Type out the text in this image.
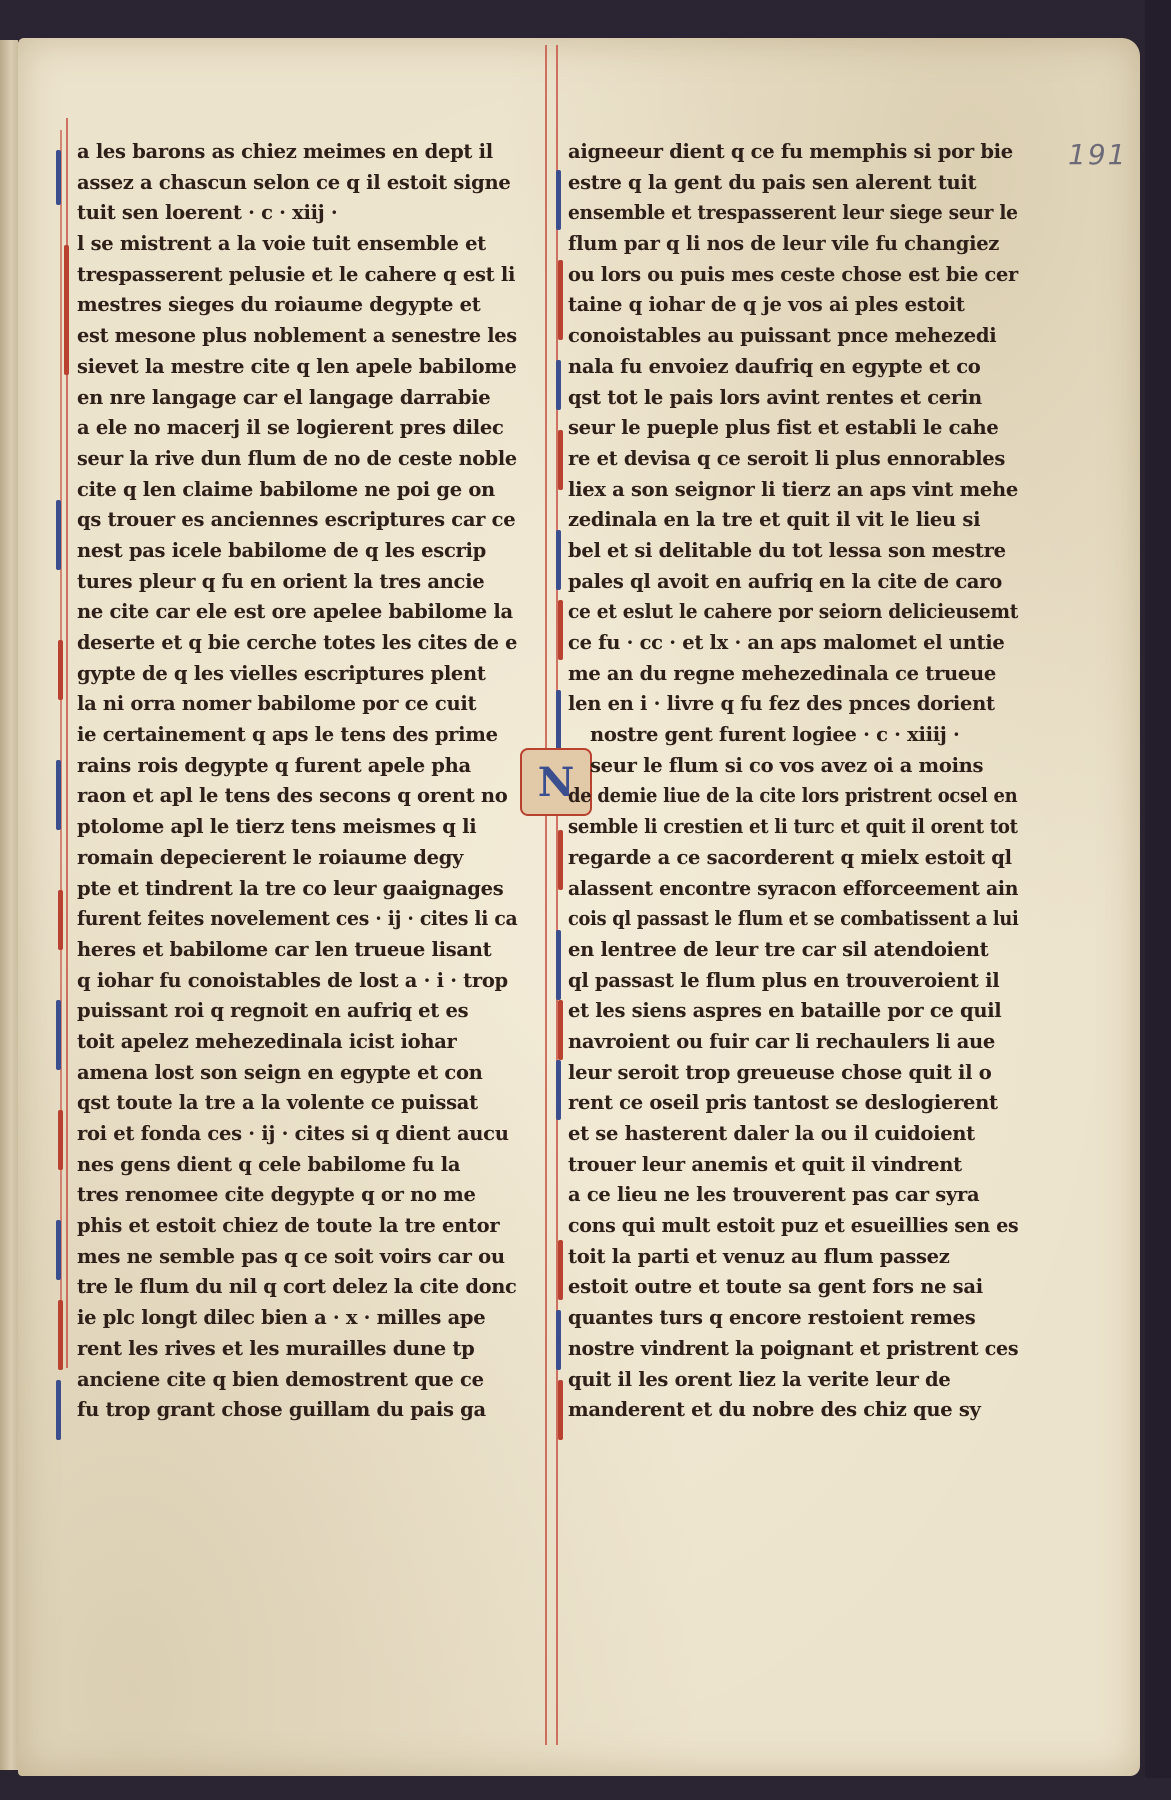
191
N
a les barons as chiez meimes en dept il
assez a chascun selon ce q il estoit signe
tuit sen loerent · c · xiij ·
l se mistrent a la voie tuit ensemble et
trespasserent pelusie et le cahere q est li
mestres sieges du roiaume degypte et
est mesone plus noblement a senestre les
sievet la mestre cite q len apele babilome
en nre langage car el langage darrabie
a ele no macerj il se logierent pres dilec
seur la rive dun flum de no de ceste noble
cite q len claime babilome ne poi ge on
qs trouer es anciennes escriptures car ce
nest pas icele babilome de q les escrip
tures pleur q fu en orient la tres ancie
ne cite car ele est ore apelee babilome la
deserte et q bie cerche totes les cites de e
gypte de q les vielles escriptures plent
la ni orra nomer babilome por ce cuit
ie certainement q aps le tens des prime
rains rois degypte q furent apele pha
raon et apl le tens des secons q orent no
ptolome apl le tierz tens meismes q li
romain depecierent le roiaume degy
pte et tindrent la tre co leur gaaignages
furent feites novelement ces · ij · cites li ca
heres et babilome car len trueue lisant
q iohar fu conoistables de lost a · i · trop
puissant roi q regnoit en aufriq et es
toit apelez mehezedinala icist iohar
amena lost son seign en egypte et con
qst toute la tre a la volente ce puissat
roi et fonda ces · ij · cites si q dient aucu
nes gens dient q cele babilome fu la
tres renomee cite degypte q or no me
phis et estoit chiez de toute la tre entor
mes ne semble pas q ce soit voirs car ou
tre le flum du nil q cort delez la cite donc
ie plc longt dilec bien a · x · milles ape
rent les rives et les murailles dune tp
anciene cite q bien demostrent que ce
fu trop grant chose guillam du pais ga
aigneeur dient q ce fu memphis si por bie
estre q la gent du pais sen alerent tuit
ensemble et trespasserent leur siege seur le
flum par q li nos de leur vile fu changiez
ou lors ou puis mes ceste chose est bie cer
taine q iohar de q je vos ai ples estoit
conoistables au puissant pnce mehezedi
nala fu envoiez daufriq en egypte et co
qst tot le pais lors avint rentes et cerin
seur le pueple plus fist et establi le cahe
re et devisa q ce seroit li plus ennorables
liex a son seignor li tierz an aps vint mehe
zedinala en la tre et quit il vit le lieu si
bel et si delitable du tot lessa son mestre
pales ql avoit en aufriq en la cite de caro
ce et eslut le cahere por seiorn delicieusemt
ce fu · cc · et lx · an aps malomet el untie
me an du regne mehezedinala ce trueue
len en i · livre q fu fez des pnces dorient
nostre gent furent logiee · c · xiiij ·
seur le flum si co vos avez oi a moins
de demie liue de la cite lors pristrent ocsel en
semble li crestien et li turc et quit il orent tot
regarde a ce sacorderent q mielx estoit ql
alassent encontre syracon efforceement ain
cois ql passast le flum et se combatissent a lui
en lentree de leur tre car sil atendoient
ql passast le flum plus en trouveroient il
et les siens aspres en bataille por ce quil
navroient ou fuir car li rechaulers li aue
leur seroit trop greueuse chose quit il o
rent ce oseil pris tantost se deslogierent
et se hasterent daler la ou il cuidoient
trouer leur anemis et quit il vindrent
a ce lieu ne les trouverent pas car syra
cons qui mult estoit puz et esueillies sen es
toit la parti et venuz au flum passez
estoit outre et toute sa gent fors ne sai
quantes turs q encore restoient remes
nostre vindrent la poignant et pristrent ces
quit il les orent liez la verite leur de
manderent et du nobre des chiz que sy
